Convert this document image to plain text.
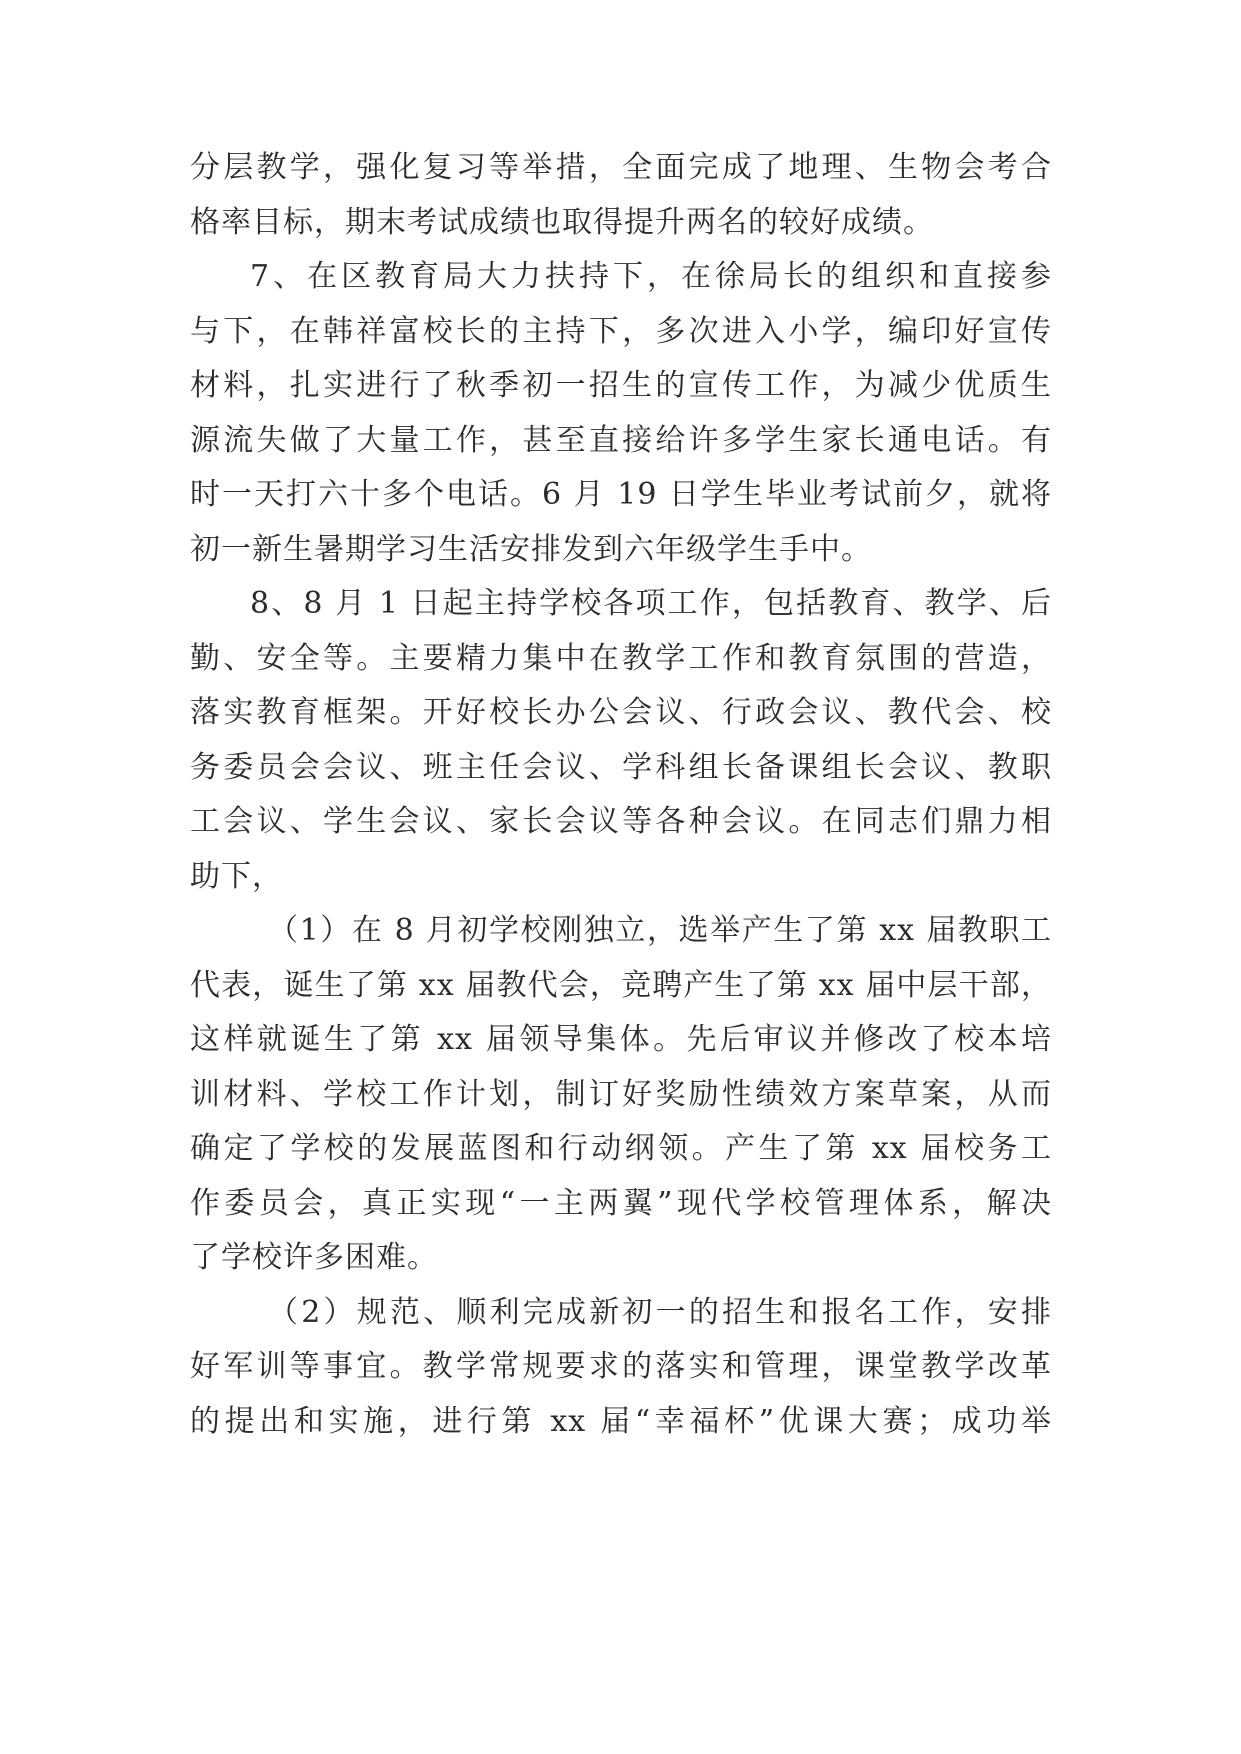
分层教学，强化复习等举措，全面完成了地理、生物会考合
格率目标，期末考试成绩也取得提升两名的较好成绩。
7、在区教育局大力扶持下，在徐局长的组织和直接参
与下，在韩祥富校长的主持下，多次进入小学，编印好宣传
材料，扎实进行了秋季初一招生的宣传工作，为减少优质生
源流失做了大量工作，甚至直接给许多学生家长通电话。有
时一天打六十多个电话。6 月 19 日学生毕业考试前夕，就将
初一新生暑期学习生活安排发到六年级学生手中。
8、8 月 1 日起主持学校各项工作，包括教育、教学、后
勤、安全等。主要精力集中在教学工作和教育氛围的营造，
落实教育框架。开好校长办公会议、行政会议、教代会、校
务委员会会议、班主任会议、学科组长备课组长会议、教职
工会议、学生会议、家长会议等各种会议。在同志们鼎力相
助下，
（1）在 8 月初学校刚独立，选举产生了第 xx 届教职工
代表，诞生了第 xx 届教代会，竞聘产生了第 xx 届中层干部，
这样就诞生了第 xx 届领导集体。先后审议并修改了校本培
训材料、学校工作计划，制订好奖励性绩效方案草案，从而
确定了学校的发展蓝图和行动纲领。产生了第 xx 届校务工
作委员会，真正实现“一主两翼”现代学校管理体系，解决
了学校许多困难。
（2）规范、顺利完成新初一的招生和报名工作，安排
好军训等事宜。教学常规要求的落实和管理，课堂教学改革
的提出和实施，进行第 xx 届“幸福杯”优课大赛；成功举
